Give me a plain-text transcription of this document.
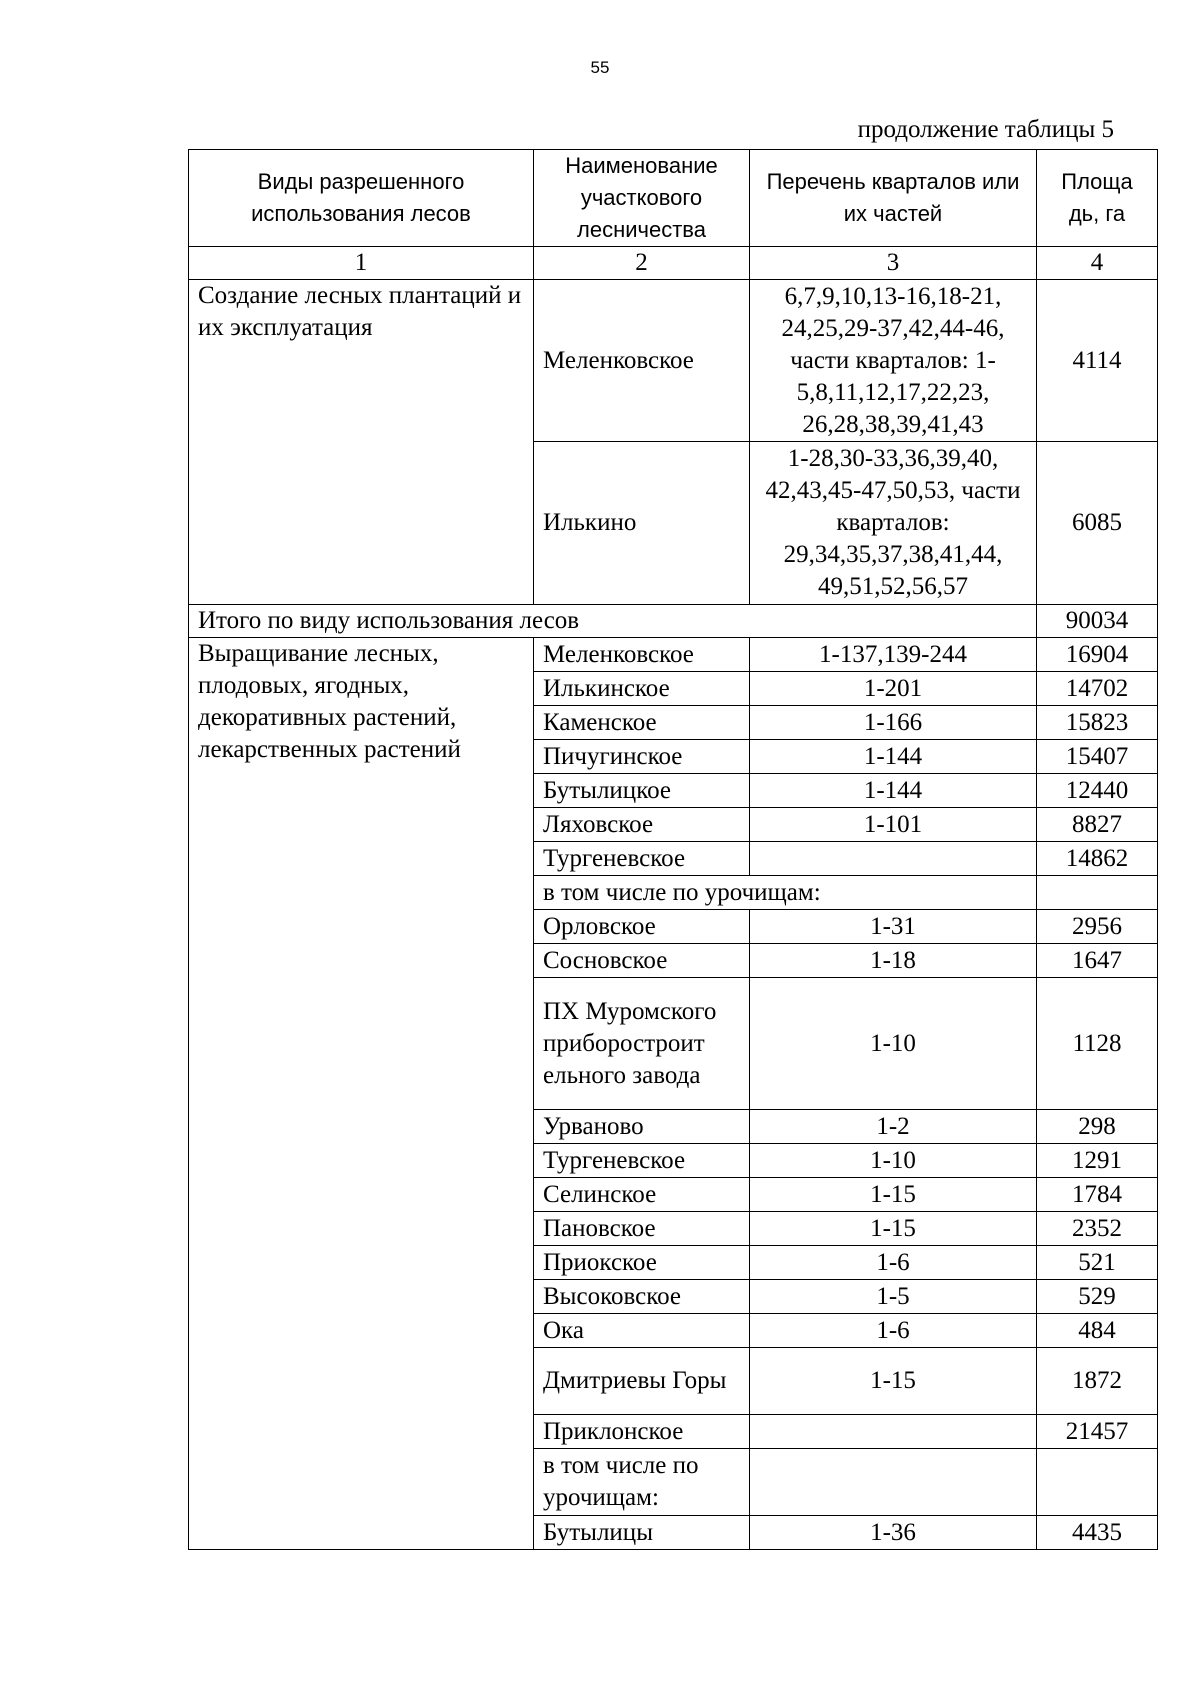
55
продолжение таблицы 5
Виды разрешенного использования лесов	Наименование участкового лесничества	Перечень кварталов или их частей	Площа дь, га
1	2	3	4
Создание лесных плантаций и их эксплуатация	Меленковское	6,7,9,10,13-16,18-21, 24,25,29-37,42,44-46, части кварталов: 1-5,8,11,12,17,22,23, 26,28,38,39,41,43	4114
	Илькино	1-28,30-33,36,39,40, 42,43,45-47,50,53, части кварталов: 29,34,35,37,38,41,44, 49,51,52,56,57	6085
Итого по виду использования лесов			90034
Выращивание лесных, плодовых, ягодных, декоративных растений, лекарственных растений	Меленковское	1-137,139-244	16904
	Илькинское	1-201	14702
	Каменское	1-166	15823
	Пичугинское	1-144	15407
	Бутылицкое	1-144	12440
	Ляховское	1-101	8827
	Тургеневское		14862
	в том числе по урочищам:		
	Орловское	1-31	2956
	Сосновское	1-18	1647
	ПХ Муромского приборостроит ельного завода	1-10	1128
	Урваново	1-2	298
	Тургеневское	1-10	1291
	Селинское	1-15	1784
	Пановское	1-15	2352
	Приокское	1-6	521
	Высоковское	1-5	529
	Ока	1-6	484
	Дмитриевы Горы	1-15	1872
	Приклонское		21457
	в том числе по урочищам:		
	Бутылицы	1-36	4435
